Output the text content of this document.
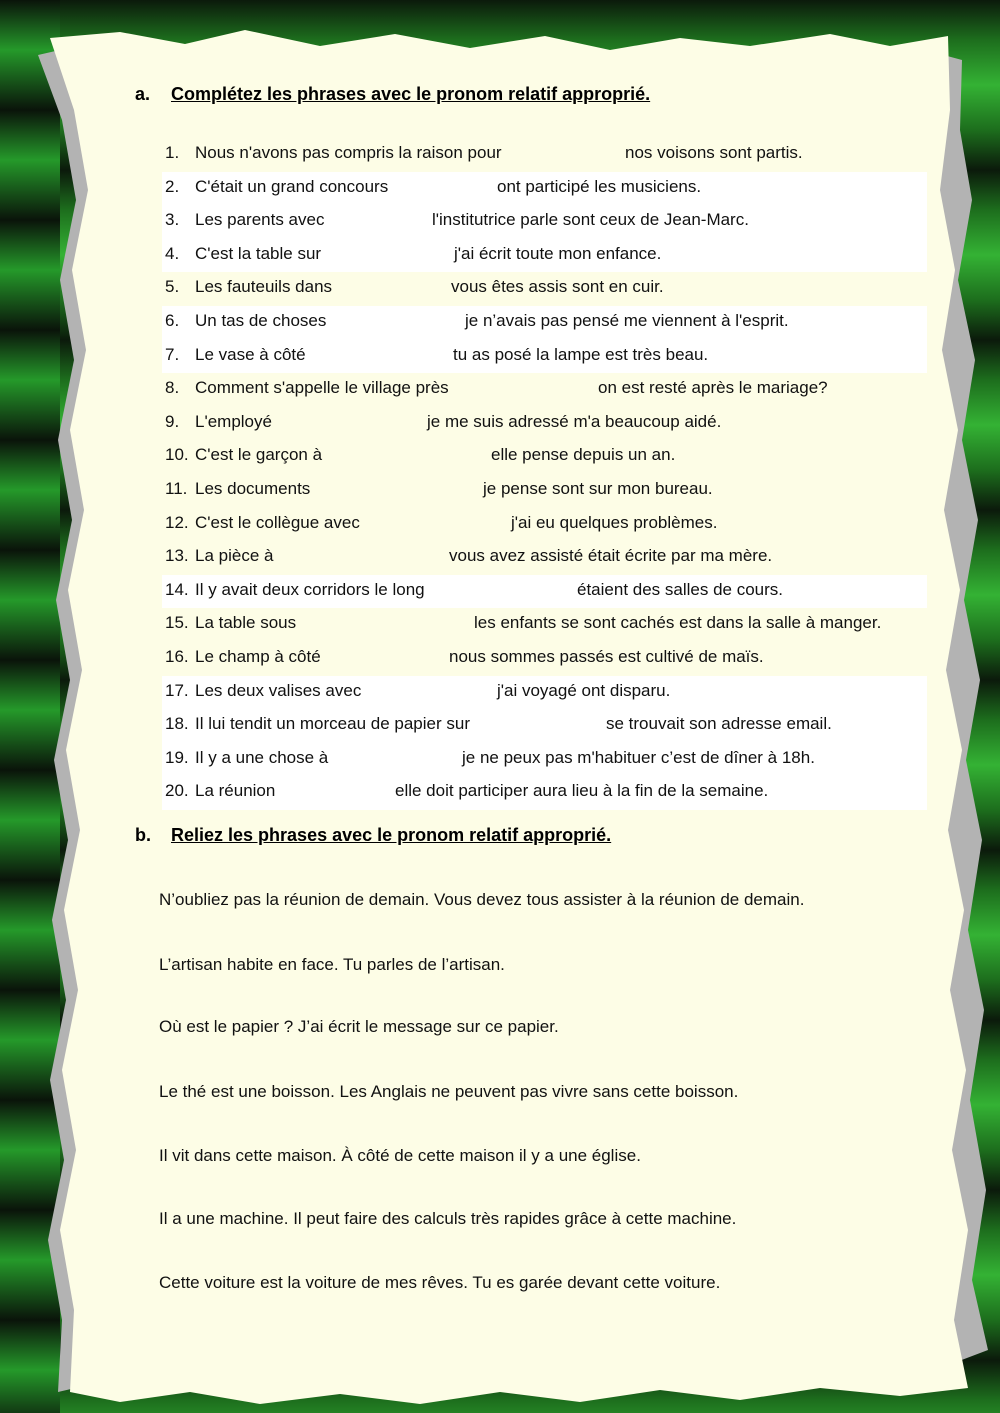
a. Complétez les phrases avec le pronom relatif approprié.
1. Nous n'avons pas compris la raison pour	nos voisons sont partis.
2. C'était un grand concours	ont participé les musiciens.
3. Les parents avec	l'institutrice parle sont ceux de Jean-Marc.
4. C'est la table sur	j'ai écrit toute mon enfance.
5. Les fauteuils dans	vous êtes assis sont en cuir.
6. Un tas de choses	je n’avais pas pensé me viennent à l'esprit.
7. Le vase à côté	tu as posé la lampe est très beau.
8. Comment s'appelle le village près	on est resté après le mariage?
9. L'employé	je me suis adressé m'a beaucoup aidé.
10. C'est le garçon à	elle pense depuis un an.
11. Les documents	je pense sont sur mon bureau.
12. C'est le collègue avec	j'ai eu quelques problèmes.
13. La pièce à	vous avez assisté était écrite par ma mère.
14. Il y avait deux corridors le long	étaient des salles de cours.
15. La table sous	les enfants se sont cachés est dans la salle à manger.
16. Le champ à côté	nous sommes passés est cultivé de maïs.
17. Les deux valises avec	j'ai voyagé ont disparu.
18. Il lui tendit un morceau de papier sur	se trouvait son adresse email.
19. Il y a une chose à	je ne peux pas m'habituer c’est de dîner à 18h.
20. La réunion	elle doit participer aura lieu à la fin de la semaine.
b. Reliez les phrases avec le pronom relatif approprié.
N’oubliez pas la réunion de demain. Vous devez tous assister à la réunion de demain.
L’artisan habite en face. Tu parles de l’artisan.
Où est le papier ? J’ai écrit le message sur ce papier.
Le thé est une boisson. Les Anglais ne peuvent pas vivre sans cette boisson.
Il vit dans cette maison. À côté de cette maison il y a une église.
Il a une machine. Il peut faire des calculs très rapides grâce à cette machine.
Cette voiture est la voiture de mes rêves. Tu es garée devant cette voiture.
